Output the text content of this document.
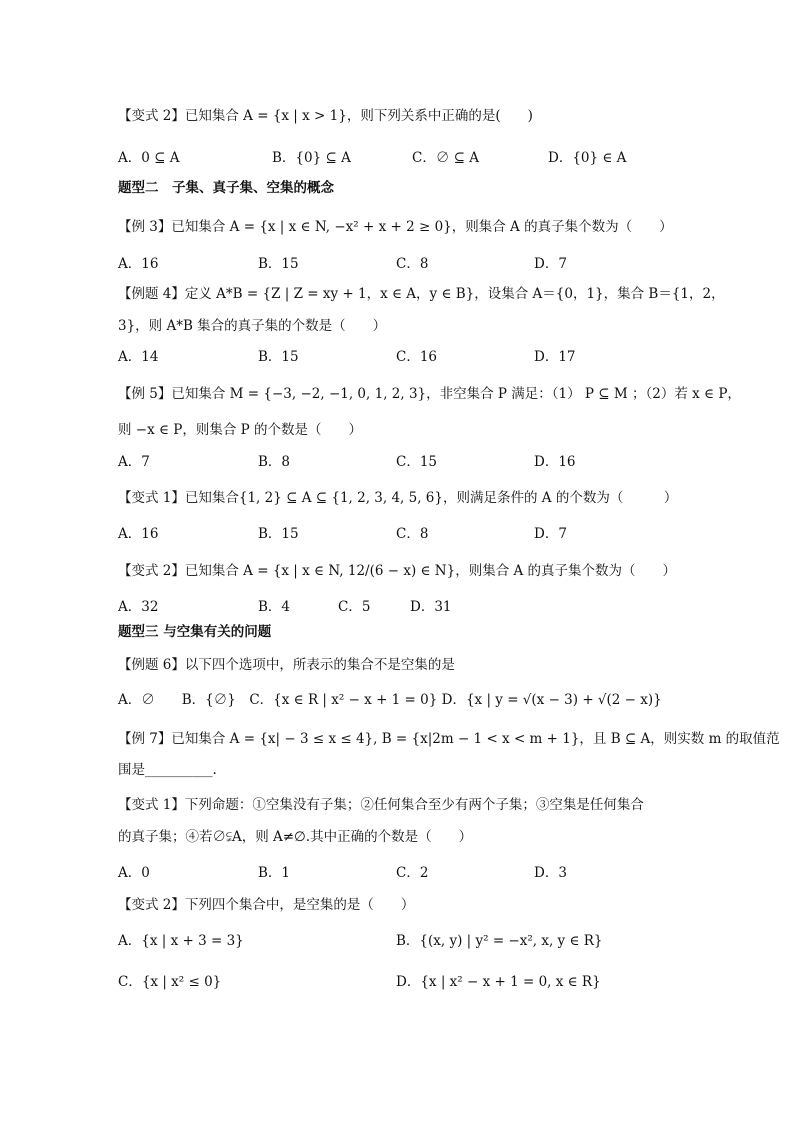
【变式 2】已知集合 A = {x | x > 1}，则下列关系中正确的是(　　)
A．0 ⊆ A	B．{0} ⊆ A	C．∅ ⊆ A	D．{0} ∈ A
题型二　子集、真子集、空集的概念
【例 3】已知集合 A = {x | x ∈ N, −x² + x + 2 ≥ 0}，则集合 A 的真子集个数为（　　）
A．16	B．15	C．8	D．7
【例题 4】定义 A*B = {Z | Z = xy + 1，x ∈ A，y ∈ B}，设集合 A＝{0，1}，集合 B＝{1，2，
3}，则 A*B 集合的真子集的个数是（　　）
A．14	B．15	C．16	D．17
【例 5】已知集合 M = {−3, −2, −1, 0, 1, 2, 3}，非空集合 P 满足：（1） P ⊆ M ；（2）若 x ∈ P，
则 −x ∈ P，则集合 P 的个数是（　　）
A．7	B．8	C．15	D．16
【变式 1】已知集合{1, 2} ⊆ A ⊆ {1, 2, 3, 4, 5, 6}，则满足条件的 A 的个数为（　　　）
A．16	B．15	C．8	D．7
【变式 2】已知集合 A = {x | x ∈ N, 12/(6 − x) ∈ N}，则集合 A 的真子集个数为（　　）
A．32	B．4	C．5	D．31
题型三 与空集有关的问题
【例题 6】以下四个选项中，所表示的集合不是空集的是
A．∅　　B．{∅}　C．{x ∈ R | x² − x + 1 = 0} D．{x | y = √(x − 3) + √(2 − x)}
【例 7】已知集合 A = {x| − 3 ≤ x ≤ 4}, B = {x|2m − 1 < x < m + 1}，且 B ⊆ A，则实数 m 的取值范
围是__________.
【变式 1】下列命题：①空集没有子集；②任何集合至少有两个子集；③空集是任何集合
的真子集；④若∅⫋A，则 A≠∅.其中正确的个数是（　　）
A．0	B．1	C．2	D．3
【变式 2】下列四个集合中，是空集的是（　　）
A．{x | x + 3 = 3}	B．{(x, y) | y² = −x², x, y ∈ R}
C．{x | x² ≤ 0}	D．{x | x² − x + 1 = 0, x ∈ R}
